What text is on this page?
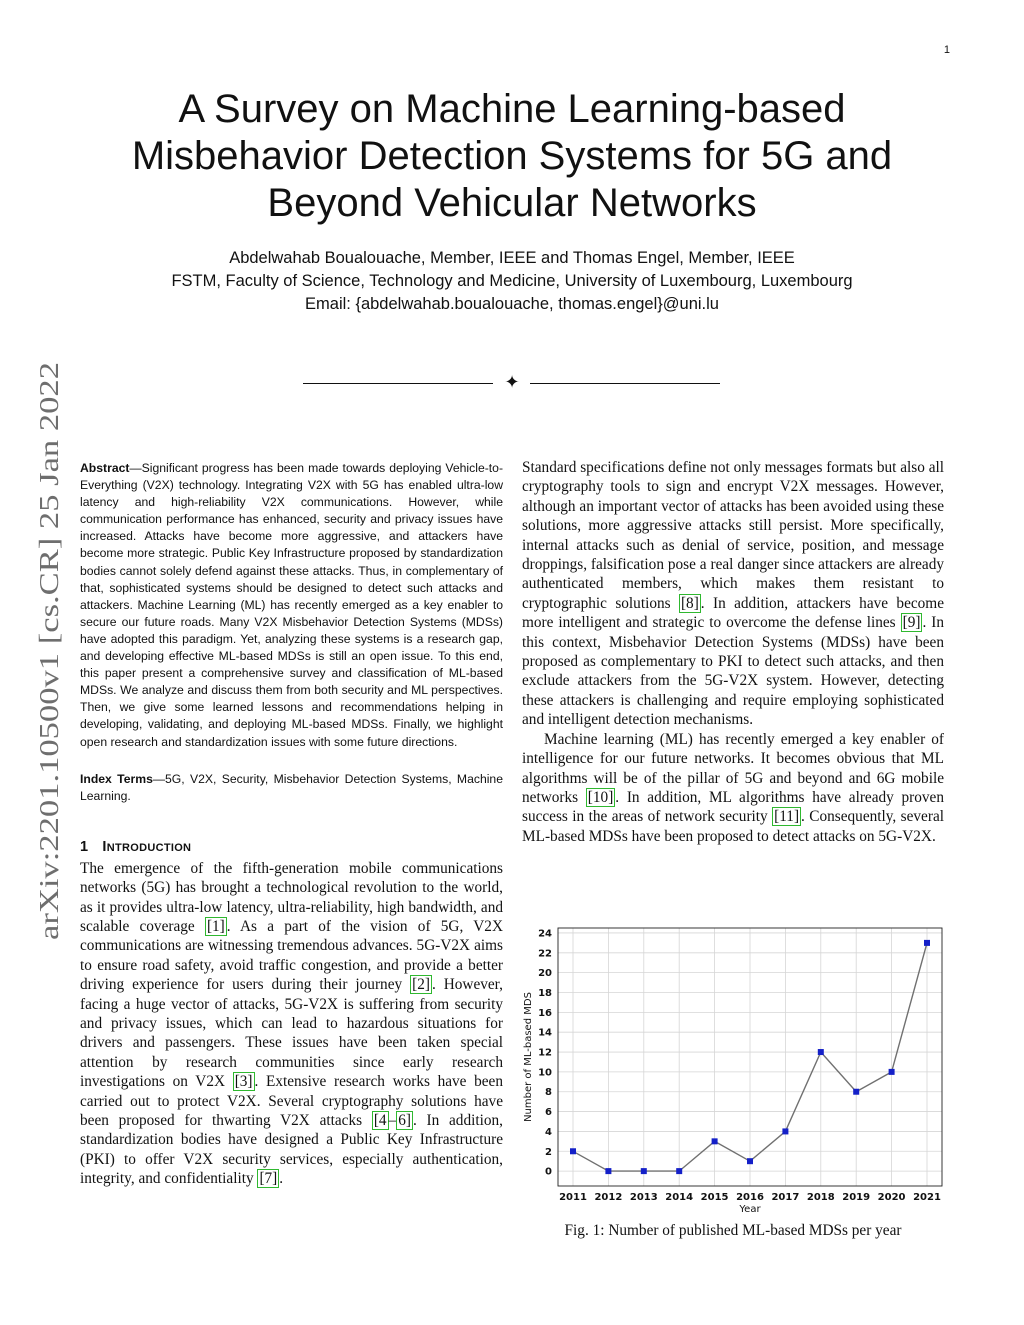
1
arXiv:2201.10500v1 [cs.CR] 25 Jan 2022
A Survey on Machine Learning-based
Misbehavior Detection Systems for 5G and
Beyond Vehicular Networks
Abdelwahab Boualouache, Member, IEEE and Thomas Engel, Member, IEEE
FSTM, Faculty of Science, Technology and Medicine, University of Luxembourg, Luxembourg
Email: {abdelwahab.boualouache, thomas.engel}@uni.lu
✦

Abstract—Significant progress has been made towards deploying Vehicle-to-Everything (V2X) technology. Integrating V2X with 5G has enabled ultra-low latency and high-reliability V2X communications. However, while communication performance has enhanced, security and privacy issues have increased. Attacks have become more aggressive, and attackers have become more strategic. Public Key Infrastructure proposed by standardization bodies cannot solely defend against these attacks. Thus, in complementary of that, sophisticated systems should be designed to detect such attacks and attackers. Machine Learning (ML) has recently emerged as a key enabler to secure our future roads. Many V2X Misbehavior Detection Systems (MDSs) have adopted this paradigm. Yet, analyzing these systems is a research gap, and developing effective ML-based MDSs is still an open issue. To this end, this paper present a comprehensive survey and classification of ML-based MDSs. We analyze and discuss them from both security and ML perspectives. Then, we give some learned lessons and recommendations helping in developing, validating, and deploying ML-based MDSs. Finally, we highlight open research and standardization issues with some future directions.

Index Terms—5G, V2X, Security, Misbehavior Detection Systems, Machine Learning.

1 INTRODUCTION

The emergence of the fifth-generation mobile communications networks (5G) has brought a technological revolution to the world, as it provides ultra-low latency, ultra-reliability, high bandwidth, and scalable coverage [1] . As a part of the vision of 5G, V2X communications are witnessing tremendous advances. 5G-V2X aims to ensure road safety, avoid traffic congestion, and provide a better driving experience for users during their journey [2] . However, facing a huge vector of attacks, 5G-V2X is suffering from security and privacy issues, which can lead to hazardous situations for drivers and passengers. These issues have been taken special attention by research communities since early research investigations on V2X [3] . Extensive research works have been carried out to protect V2X. Several cryptography solutions have been proposed for thwarting V2X attacks [4 – 6] . In addition, standardization bodies have designed a Public Key Infrastructure (PKI) to offer V2X security services, especially authentication, integrity, and confidentiality [7] .

Standard specifications define not only messages formats but also all cryptography tools to sign and encrypt V2X messages. However, although an important vector of attacks has been avoided using these solutions, more aggressive attacks still persist. More specifically, internal attacks such as denial of service, position, and message droppings, falsification pose a real danger since attackers are already authenticated members, which makes them resistant to cryptographic solutions [8] . In addition, attackers have become more intelligent and strategic to overcome the defense lines [9] . In this context, Misbehavior Detection Systems (MDSs) have been proposed as complementary to PKI to detect such attacks, and then exclude attackers from the 5G-V2X system. However, detecting these attackers is challenging and require employing sophisticated and intelligent detection mechanisms.

Machine learning (ML) has recently emerged a key enabler of intelligence for our future networks. It becomes obvious that ML algorithms will be of the pillar of 5G and beyond and 6G mobile networks [10] . In addition, ML algorithms have already proven success in the areas of network security [11] . Consequently, several ML-based MDSs have been proposed to detect attacks on 5G-V2X.

0
2
4
6
8
10
12
14
16
18
20
22
24
2011 2012 2013 2014 2015 2016 2017 2018 2019 2020 2021
Year
Number of ML-based MDS
Fig. 1: Number of published ML-based MDSs per year
